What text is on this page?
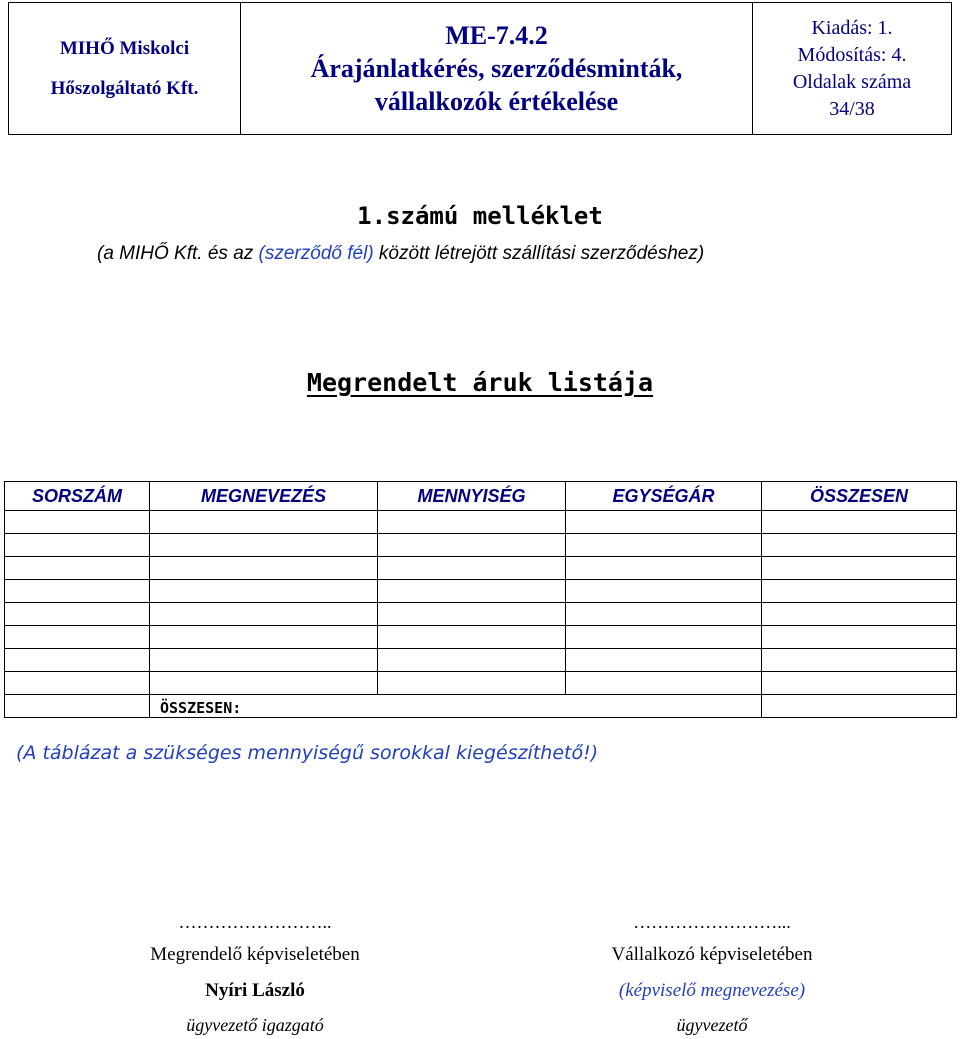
MIHŐ Miskolci
Hőszolgáltató Kft.

ME-7.4.2
Árajánlatkérés, szerződésminták,
vállalkozók értékelése

Kiadás: 1.
Módosítás: 4.
Oldalak száma
34/38
1.számú melléklet
(a MIHŐ Kft. és az (szerződő fél) között létrejött szállítási szerződéshez)
Megrendelt áruk listája
SORSZÁM	MEGNEVEZÉS	MENNYISÉG	EGYSÉGÁR	ÖSSZESEN

	ÖSSZESEN:			
(A táblázat a szükséges mennyiségű sorokkal kiegészíthető!)
……………………..
Megrendelő képviseletében
Nyíri László
ügyvezető igazgató
……………………...
Vállalkozó képviseletében
(képviselő megnevezése)
ügyvezető
